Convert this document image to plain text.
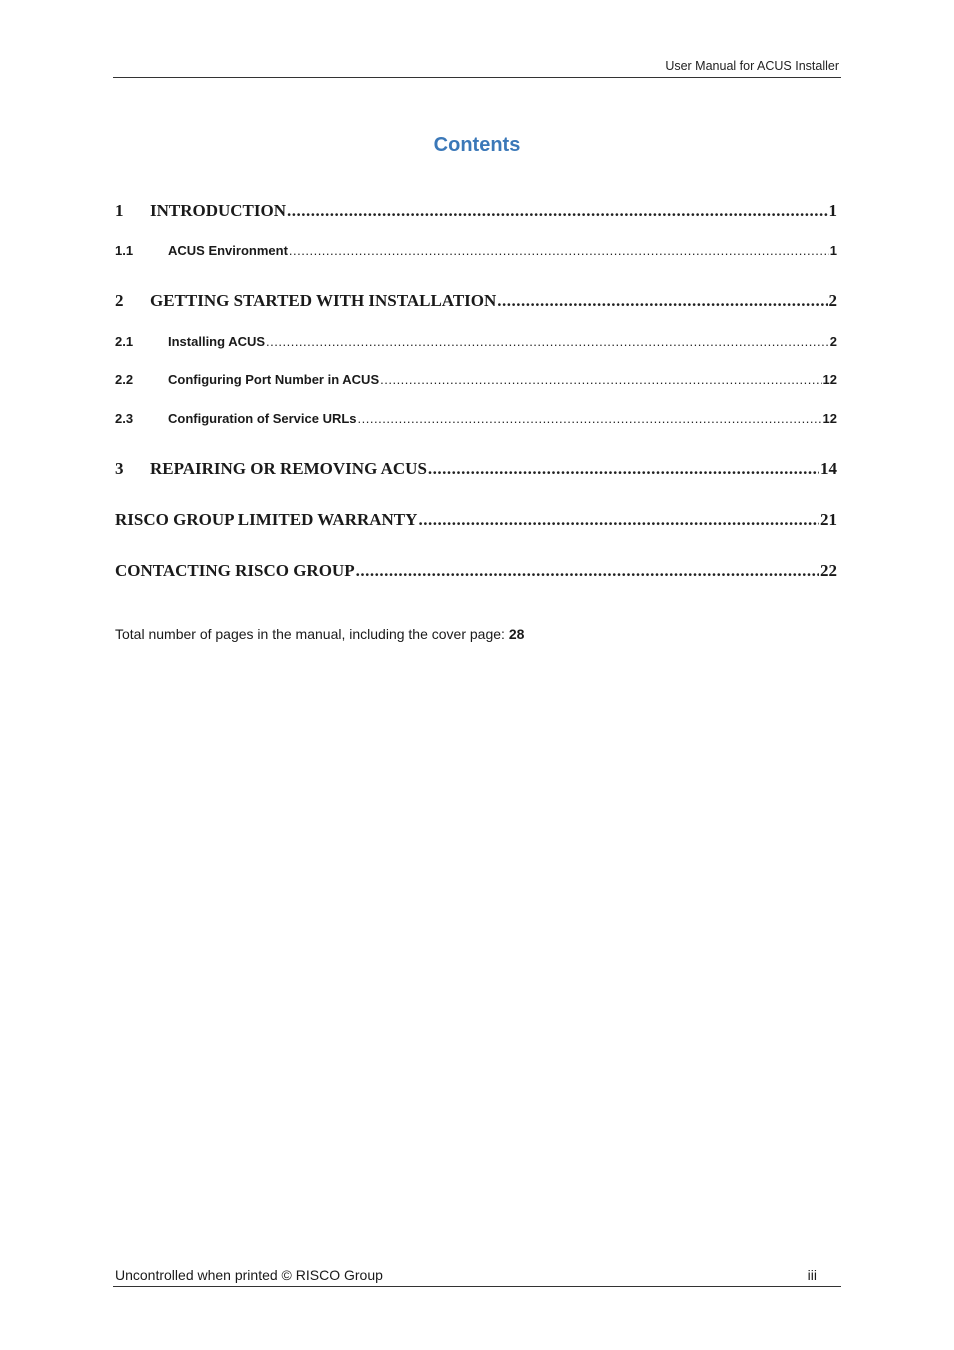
User Manual for ACUS Installer
Contents
1	INTRODUCTION .....	1
1.1	ACUS Environment .....	1
2	GETTING STARTED WITH INSTALLATION .....	2
2.1	Installing ACUS .....	2
2.2	Configuring Port Number in ACUS .....	12
2.3	Configuration of Service URLs .....	12
3	REPAIRING OR REMOVING ACUS .....	14
RISCO GROUP LIMITED WARRANTY .....	21
CONTACTING RISCO GROUP .....	22
Total number of pages in the manual, including the cover page: 28
Uncontrolled when printed © RISCO Group	iii
